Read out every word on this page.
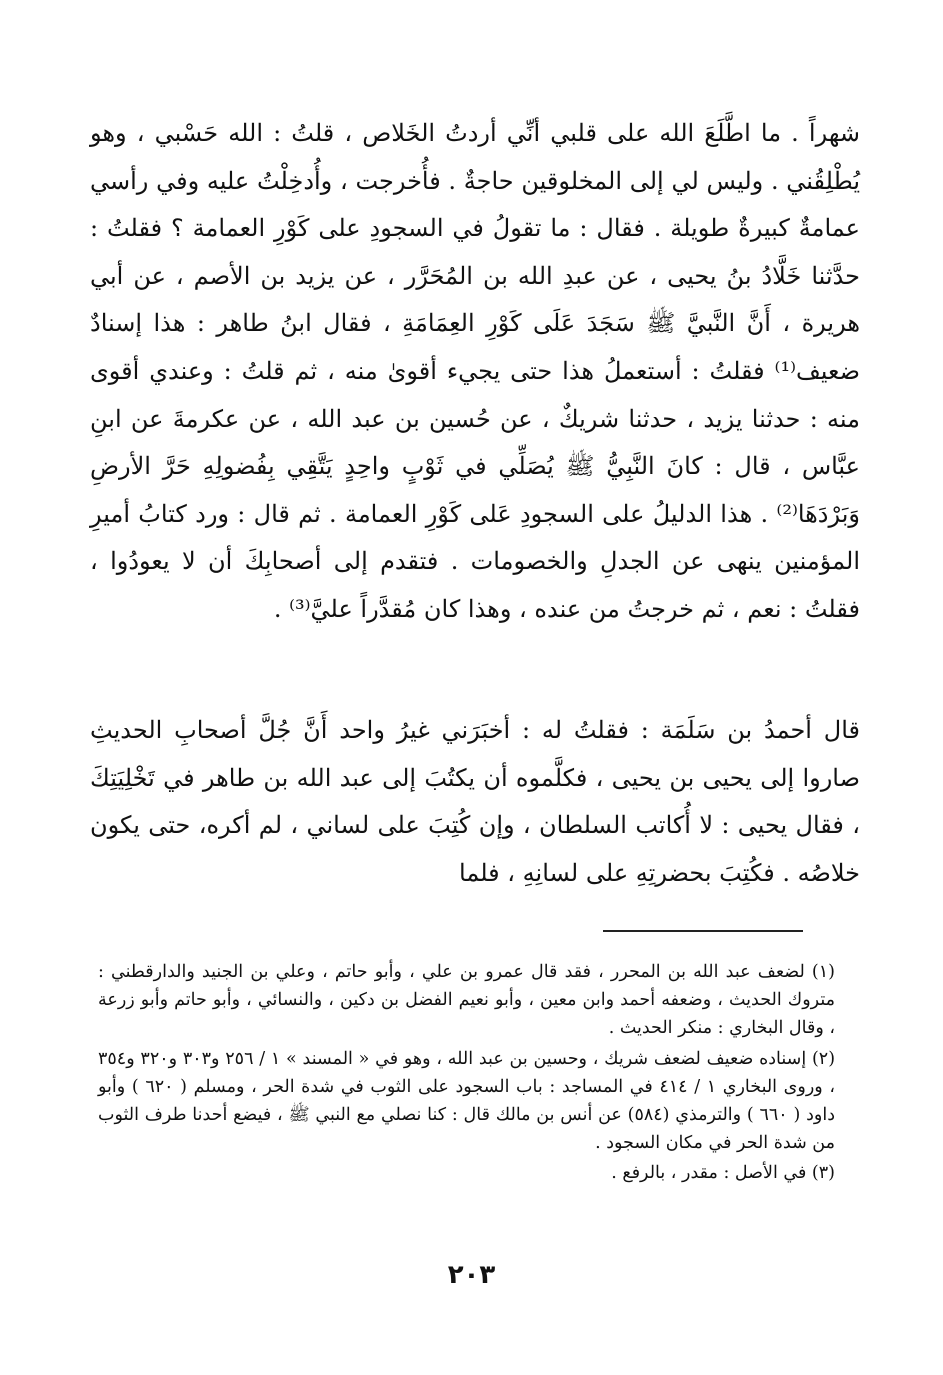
شهراً . ما اطَّلَعَ الله على قلبي أنِّي أردتُ الخَلاص ، قلتُ : الله حَسْبي ، وهو يُطْلِقُني . وليس لي إلى المخلوقين حاجةٌ . فأُخرجت ، وأُدخِلْتُ عليه وفي رأسي عمامةٌ كبيرةٌ طويلة . فقال : ما تقولُ في السجودِ على كَوْرِ العمامة ؟ فقلتُ : حدَّثنا خَلَّادُ بنُ يحيى ، عن عبدِ الله بن المُحَرَّر ، عن يزيد بن الأصم ، عن أبي هريرة ، أَنَّ النَّبيَّ ﷺ سَجَدَ عَلَى كَوْرِ العِمَامَةِ ، فقال ابنُ طاهر : هذا إسنادٌ ضعيف⁽¹⁾ فقلتُ : أستعملُ هذا حتى يجيء أقوىٰ منه ، ثم قلتُ : وعندي أقوى منه : حدثنا يزيد ، حدثنا شريكٌ ، عن حُسين بن عبد الله ، عن عكرمةَ عن ابنِ عبَّاس ، قال : كانَ النَّبِيُّ ﷺ يُصَلِّي في ثَوْبٍ واحِدٍ يَتَّقِي بِفُضولِهِ حَرَّ الأرضِ وَبَرْدَهَا⁽²⁾ . هذا الدليلُ على السجودِ عَلى كَوْرِ العمامة . ثم قال : ورد كتابُ أميرِ المؤمنين ينهى عن الجدلِ والخصومات . فتقدم إلى أصحابِكَ أن لا يعودُوا ، فقلتُ : نعم ، ثم خرجتُ من عنده ، وهذا كان مُقدَّراً عليَّ⁽³⁾ .

قال أحمدُ بن سَلَمَة : فقلتُ له : أخبَرَني غيرُ واحد أَنَّ جُلَّ أصحابِ الحديثِ صاروا إلى يحيى بن يحيى ، فكلَّموه أن يكتُبَ إلى عبد الله بن طاهر في تَخْلِيَتِكَ ، فقال يحيى : لا أُكاتب السلطان ، وإن كُتِبَ على لساني ، لم أكره، حتى يكون خلاصُه . فكُتِبَ بحضرتِهِ على لسانِهِ ، فلما

(١) لضعف عبد الله بن المحرر ، فقد قال عمرو بن علي ، وأبو حاتم ، وعلي بن الجنيد والدارقطني : متروك الحديث ، وضعفه أحمد وابن معين ، وأبو نعيم الفضل بن دكين ، والنسائي ، وأبو حاتم وأبو زرعة ، وقال البخاري : منكر الحديث .

(٢) إسناده ضعيف لضعف شريك ، وحسين بن عبد الله ، وهو في « المسند » ١ / ٢٥٦ و٣٠٣ و٣٢٠ و٣٥٤ ، وروى البخاري ١ / ٤١٤ في المساجد : باب السجود على الثوب في شدة الحر ، ومسلم ( ٦٢٠ ) وأبو داود ( ٦٦٠ ) والترمذي (٥٨٤) عن أنس بن مالك قال : كنا نصلي مع النبي ﷺ ، فيضع أحدنا طرف الثوب من شدة الحر في مكان السجود .

(٣) في الأصل : مقدر ، بالرفع .

٢٠٣
